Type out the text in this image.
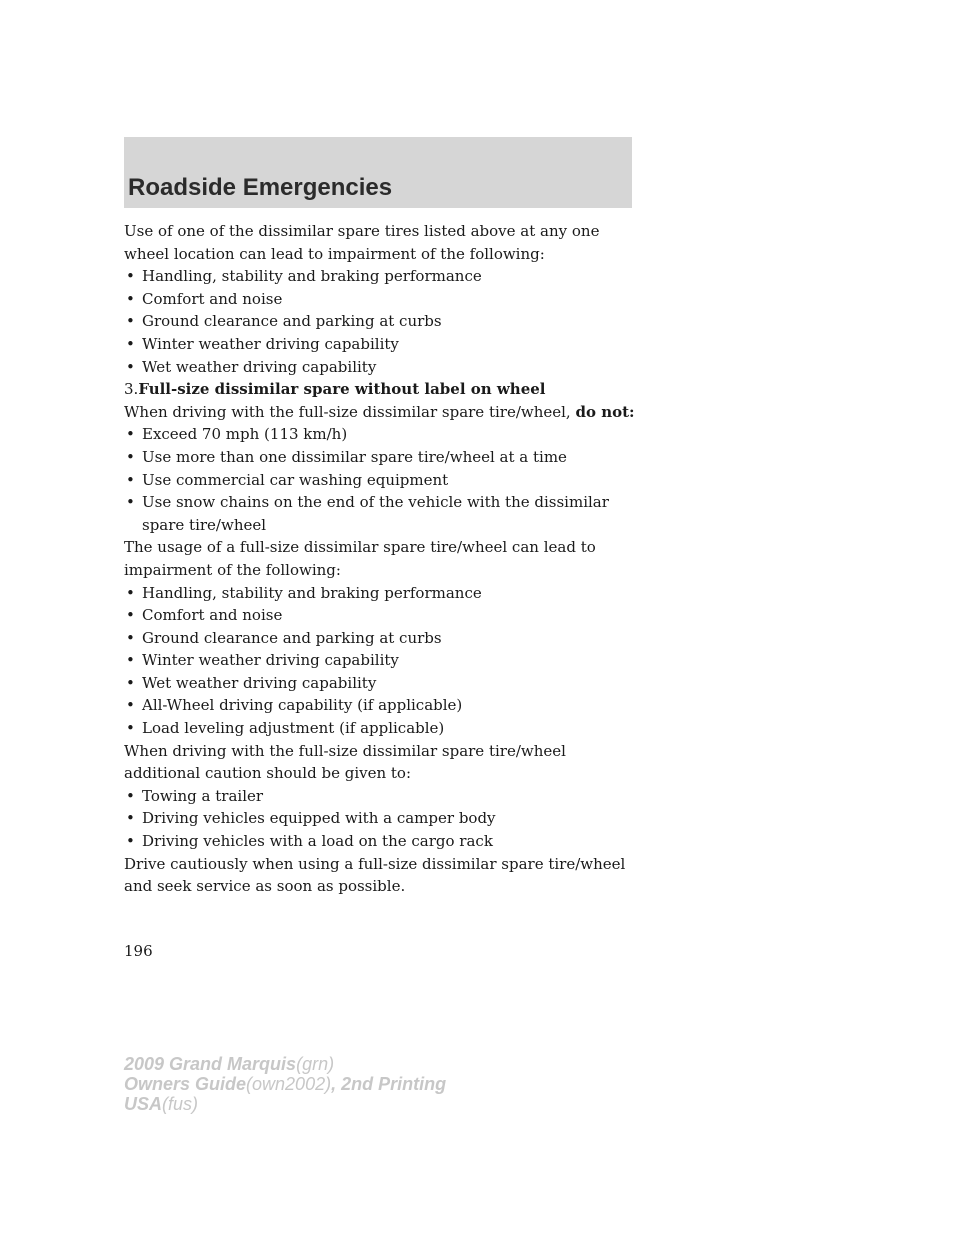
Roadside Emergencies

Use of one of the dissimilar spare tires listed above at any one wheel location can lead to impairment of the following:

• Handling, stability and braking performance
• Comfort and noise
• Ground clearance and parking at curbs
• Winter weather driving capability
• Wet weather driving capability

3.Full-size dissimilar spare without label on wheel

When driving with the full-size dissimilar spare tire/wheel, do not:

• Exceed 70 mph (113 km/h)
• Use more than one dissimilar spare tire/wheel at a time
• Use commercial car washing equipment
• Use snow chains on the end of the vehicle with the dissimilar spare tire/wheel

The usage of a full-size dissimilar spare tire/wheel can lead to impairment of the following:

• Handling, stability and braking performance
• Comfort and noise
• Ground clearance and parking at curbs
• Winter weather driving capability
• Wet weather driving capability
• All-Wheel driving capability (if applicable)
• Load leveling adjustment (if applicable)

When driving with the full-size dissimilar spare tire/wheel additional caution should be given to:

• Towing a trailer
• Driving vehicles equipped with a camper body
• Driving vehicles with a load on the cargo rack

Drive cautiously when using a full-size dissimilar spare tire/wheel and seek service as soon as possible.

196

2009 Grand Marquis(grn)
Owners Guide(own2002), 2nd Printing
USA(fus)
